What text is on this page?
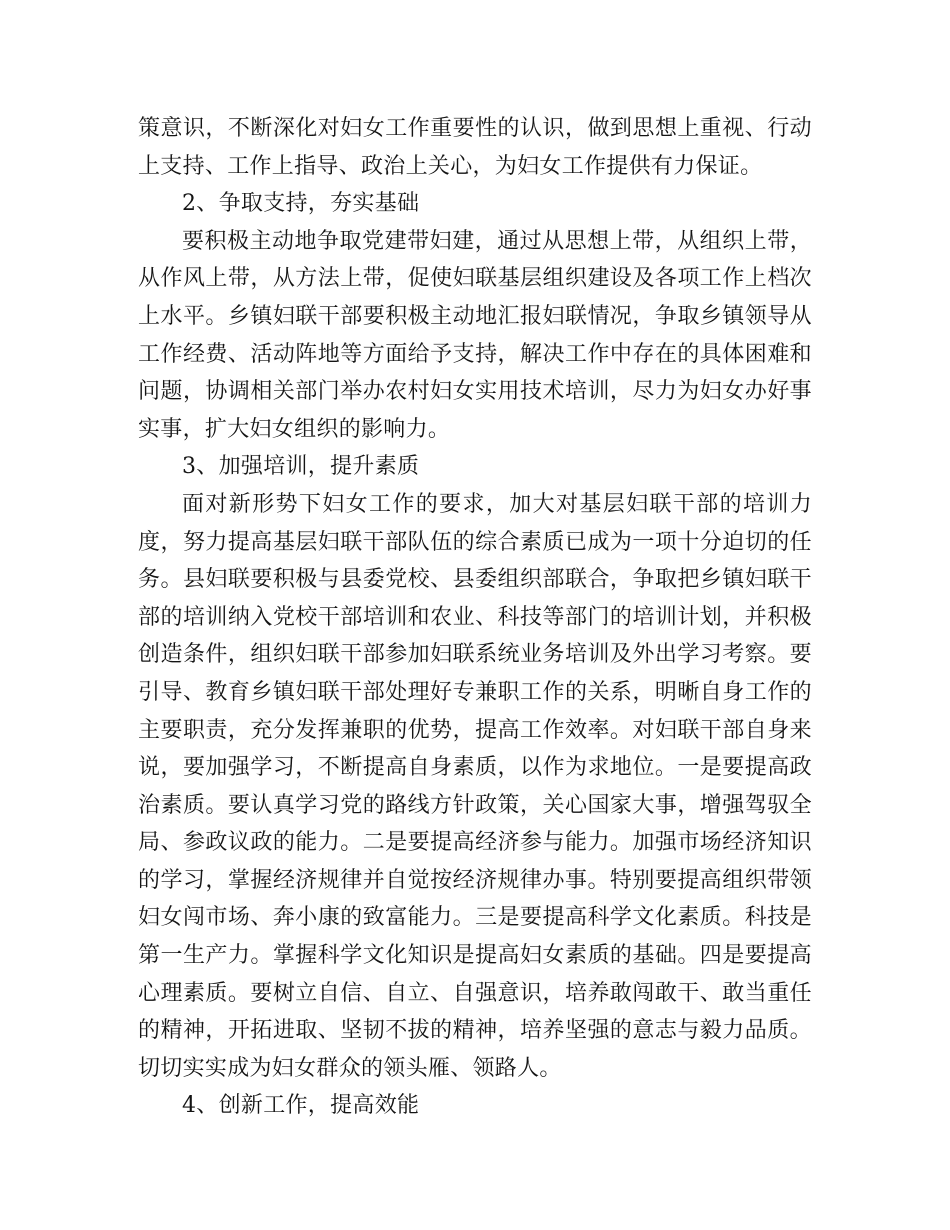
策意识，不断深化对妇女工作重要性的认识，做到思想上重视、行动上支持、工作上指导、政治上关心，为妇女工作提供有力保证。

2、争取支持，夯实基础

要积极主动地争取党建带妇建，通过从思想上带，从组织上带，从作风上带，从方法上带，促使妇联基层组织建设及各项工作上档次上水平。乡镇妇联干部要积极主动地汇报妇联情况，争取乡镇领导从工作经费、活动阵地等方面给予支持，解决工作中存在的具体困难和问题，协调相关部门举办农村妇女实用技术培训，尽力为妇女办好事实事，扩大妇女组织的影响力。

3、加强培训，提升素质

面对新形势下妇女工作的要求，加大对基层妇联干部的培训力度，努力提高基层妇联干部队伍的综合素质已成为一项十分迫切的任务。县妇联要积极与县委党校、县委组织部联合，争取把乡镇妇联干部的培训纳入党校干部培训和农业、科技等部门的培训计划，并积极创造条件，组织妇联干部参加妇联系统业务培训及外出学习考察。要引导、教育乡镇妇联干部处理好专兼职工作的关系，明晰自身工作的主要职责，充分发挥兼职的优势，提高工作效率。对妇联干部自身来说，要加强学习，不断提高自身素质，以作为求地位。一是要提高政治素质。要认真学习党的路线方针政策，关心国家大事，增强驾驭全局、参政议政的能力。二是要提高经济参与能力。加强市场经济知识的学习，掌握经济规律并自觉按经济规律办事。特别要提高组织带领妇女闯市场、奔小康的致富能力。三是要提高科学文化素质。科技是第一生产力。掌握科学文化知识是提高妇女素质的基础。四是要提高心理素质。要树立自信、自立、自强意识，培养敢闯敢干、敢当重任的精神，开拓进取、坚韧不拔的精神，培养坚强的意志与毅力品质。切切实实成为妇女群众的领头雁、领路人。

4、创新工作，提高效能
